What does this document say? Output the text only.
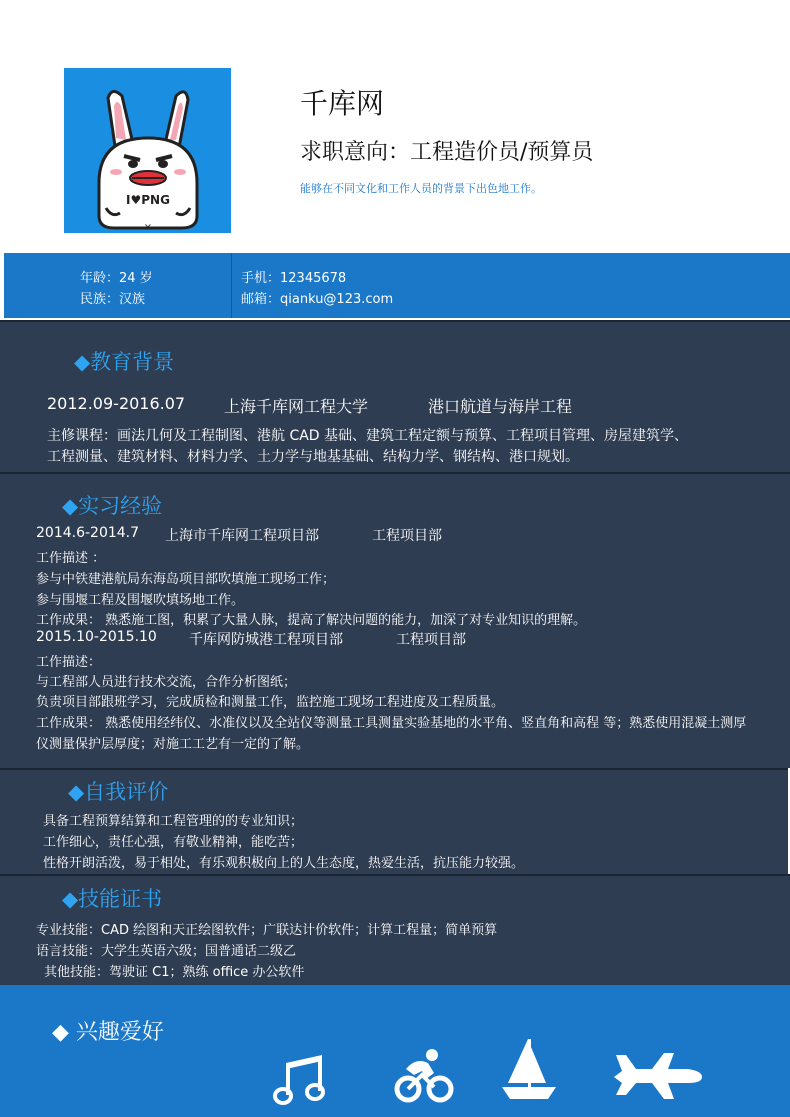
I♥PNG
×
千库网
求职意向：工程造价员/预算员
能够在不同文化和工作人员的背景下出色地工作。
年龄：24 岁
民族：汉族
手机：12345678
邮箱：qianku@123.com
◆教育背景
2012.09-2016.07 上海千库网工程大学	港口航道与海岸工程
主修课程：画法几何及工程制图、港航 CAD 基础、建筑工程定额与预算、工程项目管理、房屋建筑学、
工程测量、建筑材料、材料力学、土力学与地基基础、结构力学、钢结构、港口规划。
◆实习经验
2014.6-2014.7 上海市千库网工程项目部	工程项目部
工作描述 ：
参与中铁建港航局东海岛项目部吹填施工现场工作；
参与围堰工程及围堰吹填场地工作。
工作成果： 熟悉施工图，积累了大量人脉，提高了解决问题的能力，加深了对专业知识的理解。
2015.10-2015.10 千库网防城港工程项目部	工程项目部
工作描述：
与工程部人员进行技术交流，合作分析图纸；
负责项目部跟班学习，完成质检和测量工作，监控施工现场工程进度及工程质量。
工作成果： 熟悉使用经纬仪、水准仪以及全站仪等测量工具测量实验基地的水平角、竖直角和高程 等；熟悉使用混凝土测厚
仪测量保护层厚度；对施工工艺有一定的了解。
◆自我评价
具备工程预算结算和工程管理的的专业知识；
工作细心，责任心强，有敬业精神，能吃苦；
性格开朗活泼，易于相处，有乐观积极向上的人生态度，热爱生活，抗压能力较强。
◆技能证书
专业技能：CAD 绘图和天正绘图软件；广联达计价软件；计算工程量；简单预算
语言技能：大学生英语六级；国普通话二级乙
其他技能：驾驶证 C1；熟练 office 办公软件
◆ 兴趣爱好
